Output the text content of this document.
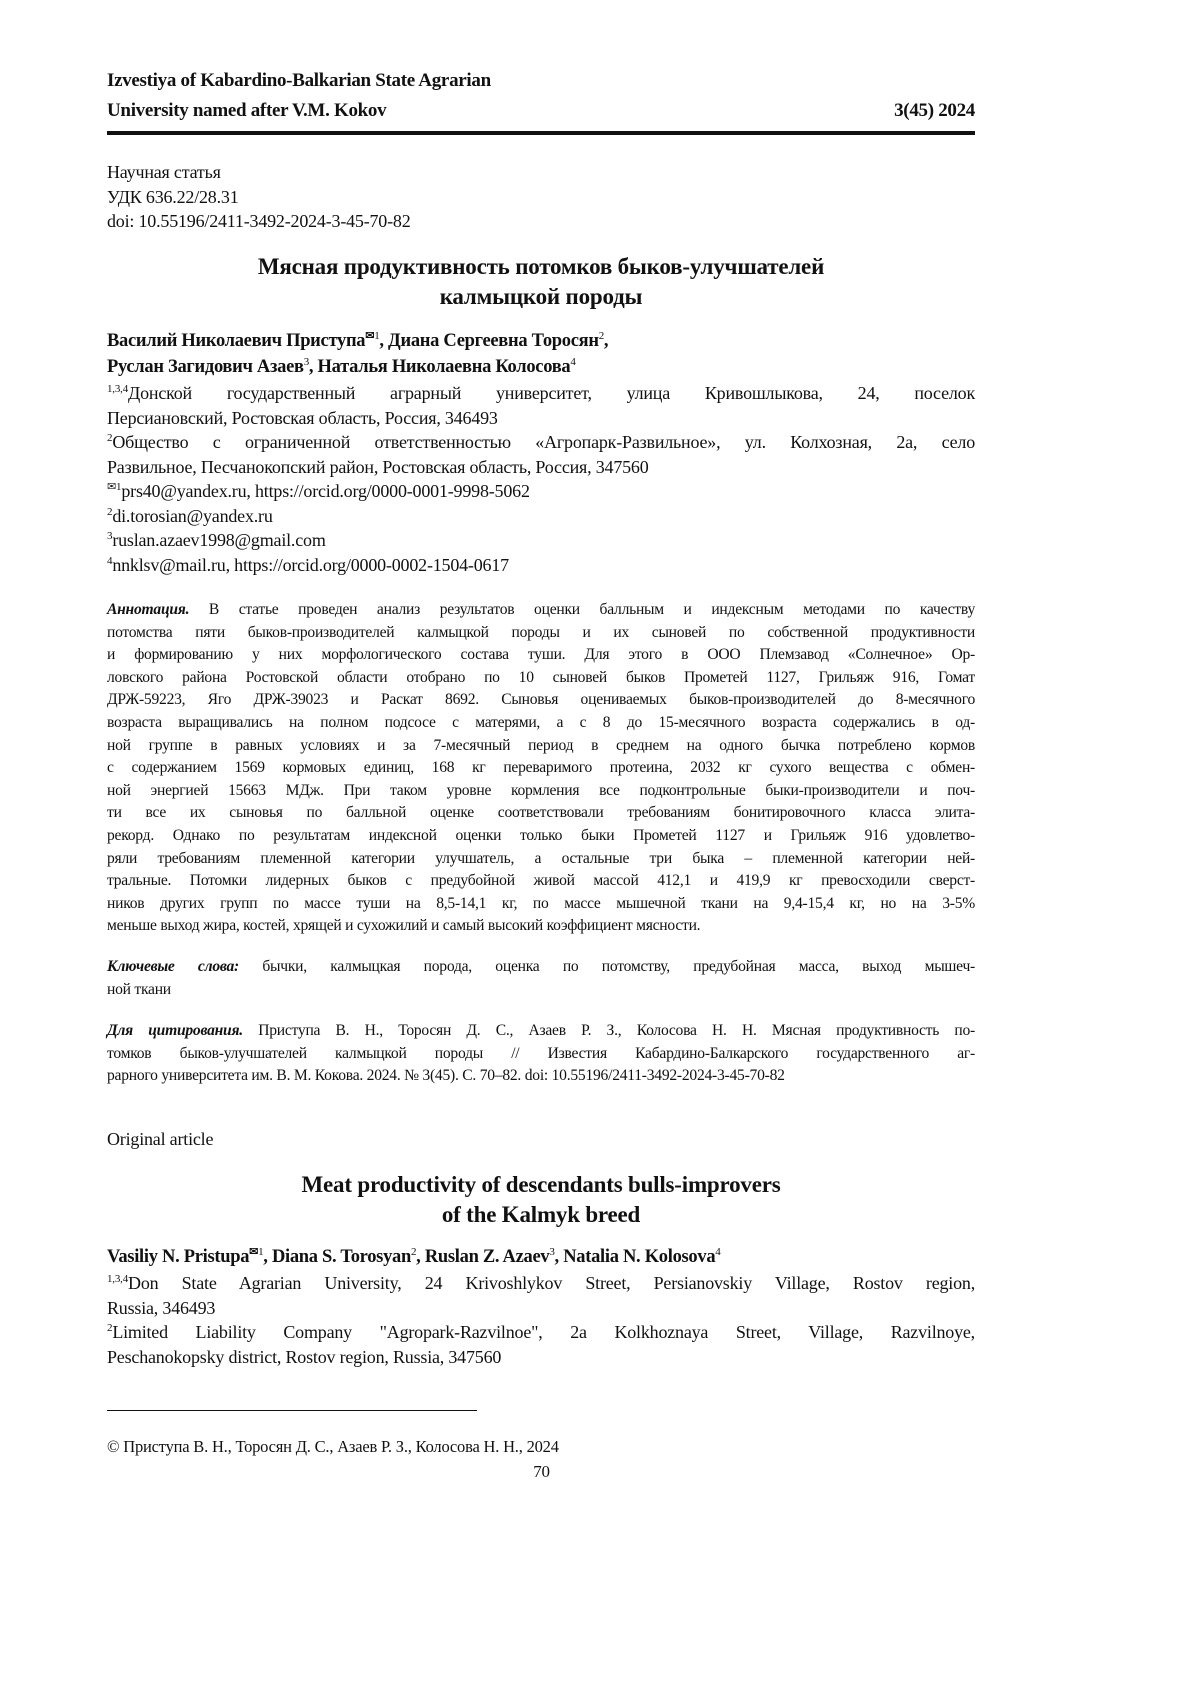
Izvestiya of Kabardino-Balkarian State Agrarian
University named after V.M. Kokov	3(45) 2024
Научная статья
УДК 636.22/28.31
doi: 10.55196/2411-3492-2024-3-45-70-82
Мясная продуктивность потомков быков-улучшателей
калмыцкой породы
Василий Николаевич Приступа$^{✉1}$, Диана Сергеевна Торосян$^2$,
Руслан Загидович Азаев$^3$, Наталья Николаевна Колосова$^4$
$^{1,3,4}$Донской государственный аграрный университет, улица Кривошлыкова, 24, поселок
Персиановский, Ростовская область, Россия, 346493
$^2$Общество с ограниченной ответственностью «Агропарк-Развильное», ул. Колхозная, 2а, село
Развильное, Песчанокопский район, Ростовская область, Россия, 347560
$^{✉1}$prs40@yandex.ru, https://orcid.org/0000-0001-9998-5062
$^2$di.torosian@yandex.ru
$^3$ruslan.azaev1998@gmail.com
$^4$nnklsv@mail.ru, https://orcid.org/0000-0002-1504-0617
Аннотация. В статье проведен анализ результатов оценки балльным и индексным методами по качеству
потомства пяти быков-производителей калмыцкой породы и их сыновей по собственной продуктивности
и формированию у них морфологического состава туши. Для этого в ООО Племзавод «Солнечное» Ор-
ловского района Ростовской области отобрано по 10 сыновей быков Прометей 1127, Грильяж 916, Гомат
ДРЖ-59223, Яго ДРЖ-39023 и Раскат 8692. Сыновья оцениваемых быков-производителей до 8-месячного
возраста выращивались на полном подсосе с матерями, а с 8 до 15-месячного возраста содержались в од-
ной группе в равных условиях и за 7-месячный период в среднем на одного бычка потреблено кормов
с содержанием 1569 кормовых единиц, 168 кг переваримого протеина, 2032 кг сухого вещества с обмен-
ной энергией 15663 МДж. При таком уровне кормления все подконтрольные быки-производители и поч-
ти все их сыновья по балльной оценке соответствовали требованиям бонитировочного класса элита-
рекорд. Однако по результатам индексной оценки только быки Прометей 1127 и Грильяж 916 удовлетво-
ряли требованиям племенной категории улучшатель, а остальные три быка – племенной категории ней-
тральные. Потомки лидерных быков с предубойной живой массой 412,1 и 419,9 кг превосходили сверст-
ников других групп по массе туши на 8,5-14,1 кг, по массе мышечной ткани на 9,4-15,4 кг, но на 3-5%
меньше выход жира, костей, хрящей и сухожилий и самый высокий коэффициент мясности.
Ключевые слова: бычки, калмыцкая порода, оценка по потомству, предубойная масса, выход мышеч-
ной ткани
Для цитирования. Приступа В. Н., Торосян Д. С., Азаев Р. З., Колосова Н. Н. Мясная продуктивность по-
томков быков-улучшателей калмыцкой породы // Известия Кабардино-Балкарского государственного аг-
рарного университета им. В. М. Кокова. 2024. № 3(45). С. 70–82. doi: 10.55196/2411-3492-2024-3-45-70-82
Original article
Meat productivity of descendants bulls-improvers
of the Kalmyk breed
Vasiliy N. Pristupa$^{✉1}$, Diana S. Torosyan$^2$, Ruslan Z. Azaev$^3$, Natalia N. Kolosova$^4$
$^{1,3,4}$Don State Agrarian University, 24 Krivoshlykov Street, Persianovskiy Village, Rostov region,
Russia, 346493
$^2$Limited Liability Company "Agropark-Razvilnoe", 2a Kolkhoznaya Street, Village, Razvilnoye,
Peschanokopsky district, Rostov region, Russia, 347560
© Приступа В. Н., Торосян Д. С., Азаев Р. З., Колосова Н. Н., 2024
70
